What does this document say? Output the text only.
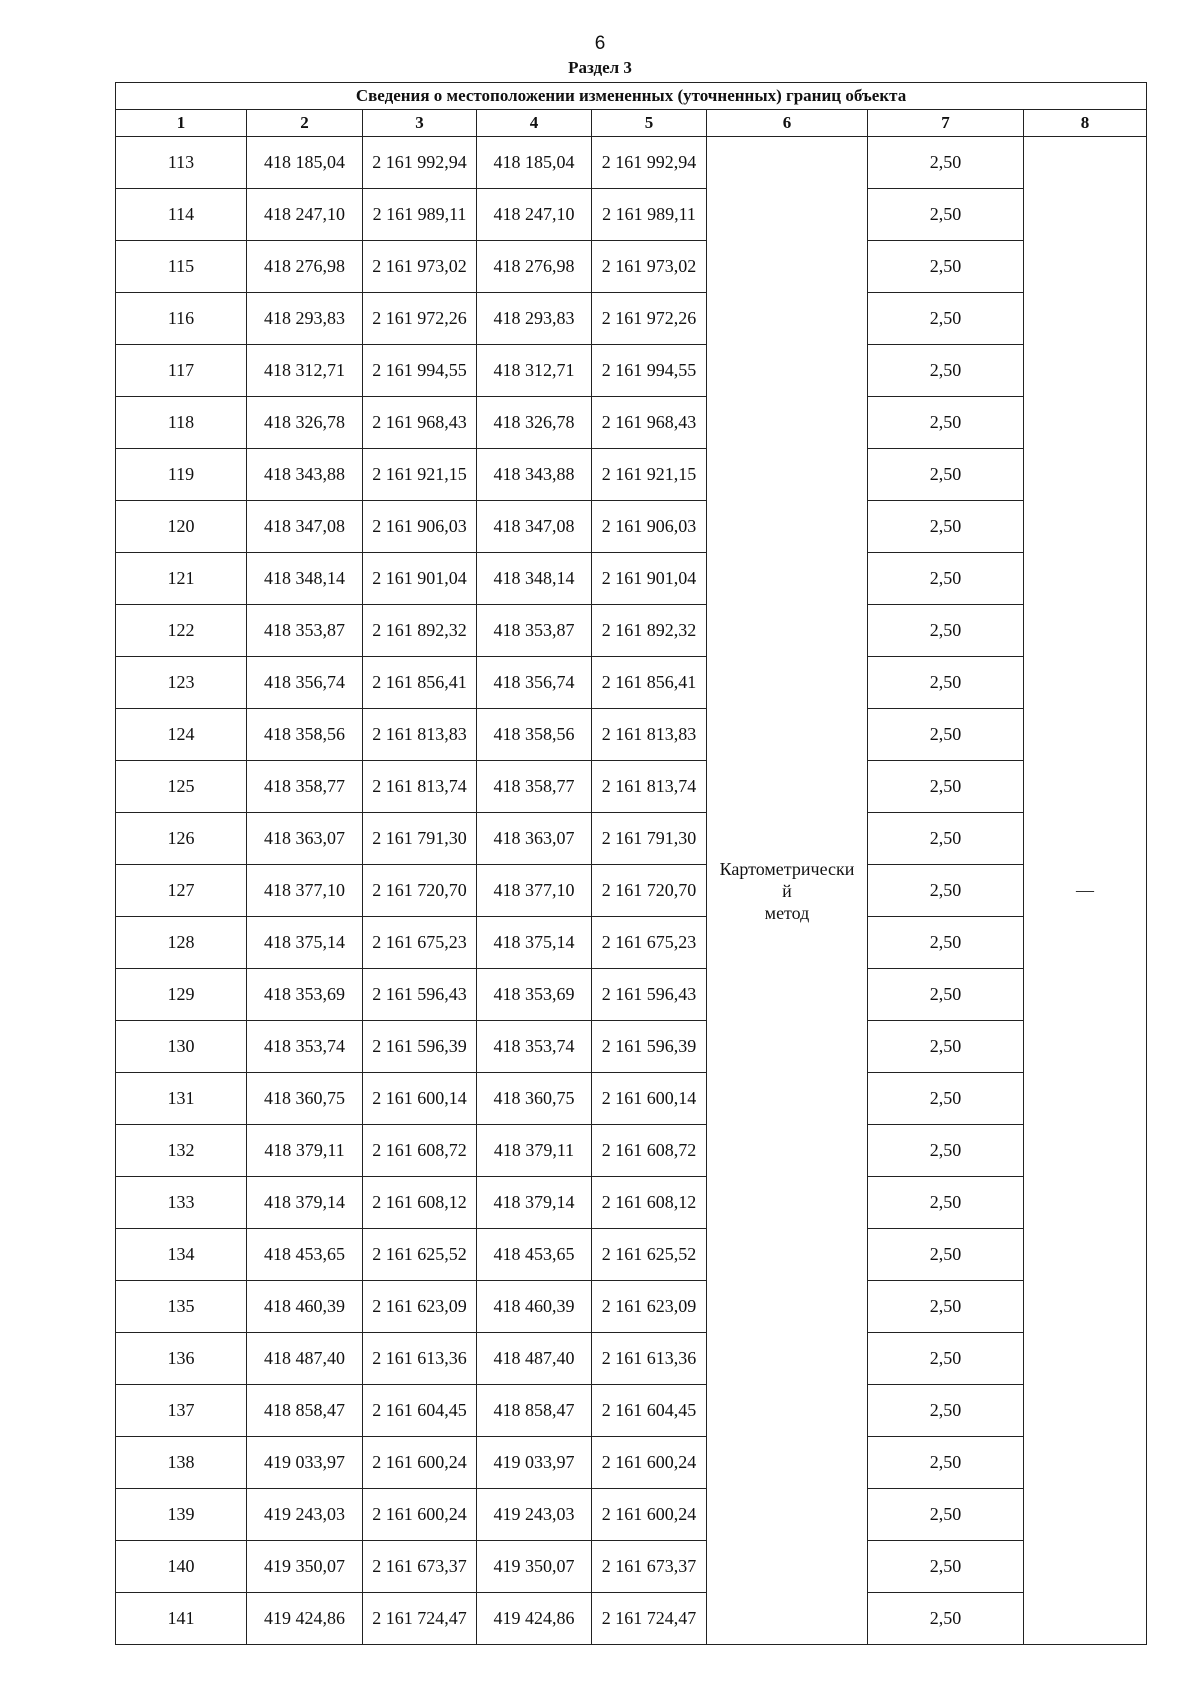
6
Раздел 3
Сведения о местоположении измененных (уточненных) границ объекта							
1	2	3	4	5	6	7	8
113	418 185,04	2 161 992,94	418 185,04	2 161 992,94	Картометрически
й
метод	2,50	—
114	418 247,10	2 161 989,11	418 247,10	2 161 989,11		2,50	
115	418 276,98	2 161 973,02	418 276,98	2 161 973,02		2,50	
116	418 293,83	2 161 972,26	418 293,83	2 161 972,26		2,50	
117	418 312,71	2 161 994,55	418 312,71	2 161 994,55		2,50	
118	418 326,78	2 161 968,43	418 326,78	2 161 968,43		2,50	
119	418 343,88	2 161 921,15	418 343,88	2 161 921,15		2,50	
120	418 347,08	2 161 906,03	418 347,08	2 161 906,03		2,50	
121	418 348,14	2 161 901,04	418 348,14	2 161 901,04		2,50	
122	418 353,87	2 161 892,32	418 353,87	2 161 892,32		2,50	
123	418 356,74	2 161 856,41	418 356,74	2 161 856,41		2,50	
124	418 358,56	2 161 813,83	418 358,56	2 161 813,83		2,50	
125	418 358,77	2 161 813,74	418 358,77	2 161 813,74		2,50	
126	418 363,07	2 161 791,30	418 363,07	2 161 791,30		2,50	
127	418 377,10	2 161 720,70	418 377,10	2 161 720,70		2,50	
128	418 375,14	2 161 675,23	418 375,14	2 161 675,23		2,50	
129	418 353,69	2 161 596,43	418 353,69	2 161 596,43		2,50	
130	418 353,74	2 161 596,39	418 353,74	2 161 596,39		2,50	
131	418 360,75	2 161 600,14	418 360,75	2 161 600,14		2,50	
132	418 379,11	2 161 608,72	418 379,11	2 161 608,72		2,50	
133	418 379,14	2 161 608,12	418 379,14	2 161 608,12		2,50	
134	418 453,65	2 161 625,52	418 453,65	2 161 625,52		2,50	
135	418 460,39	2 161 623,09	418 460,39	2 161 623,09		2,50	
136	418 487,40	2 161 613,36	418 487,40	2 161 613,36		2,50	
137	418 858,47	2 161 604,45	418 858,47	2 161 604,45		2,50	
138	419 033,97	2 161 600,24	419 033,97	2 161 600,24		2,50	
139	419 243,03	2 161 600,24	419 243,03	2 161 600,24		2,50	
140	419 350,07	2 161 673,37	419 350,07	2 161 673,37		2,50	
141	419 424,86	2 161 724,47	419 424,86	2 161 724,47		2,50	
